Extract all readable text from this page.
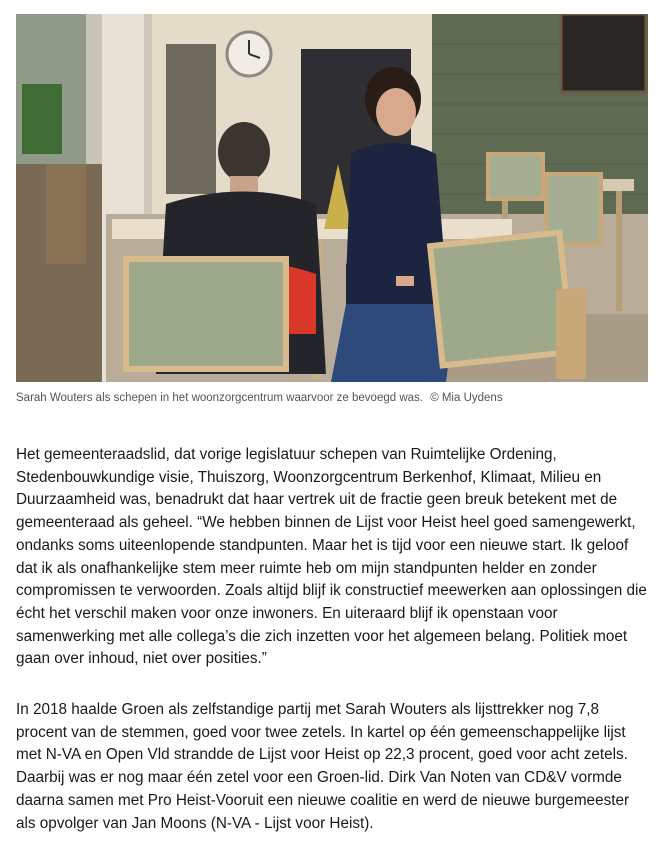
Sarah Wouters als schepen in het woonzorgcentrum waarvoor ze bevoegd was. © Mia Uydens

Het gemeenteraadslid, dat vorige legislatuur schepen van Ruimtelijke Ordening, Stedenbouwkundige visie, Thuiszorg, Woonzorgcentrum Berkenhof, Klimaat, Milieu en Duurzaamheid was, benadrukt dat haar vertrek uit de fractie geen breuk betekent met de gemeenteraad als geheel. “We hebben binnen de Lijst voor Heist heel goed samengewerkt, ondanks soms uiteenlopende standpunten. Maar het is tijd voor een nieuwe start. Ik geloof dat ik als onafhankelijke stem meer ruimte heb om mijn standpunten helder en zonder compromissen te verwoorden. Zoals altijd blijf ik constructief meewerken aan oplossingen die écht het verschil maken voor onze inwoners. En uiteraard blijf ik openstaan voor samenwerking met alle collega’s die zich inzetten voor het algemeen belang. Politiek moet gaan over inhoud, niet over posities.”

In 2018 haalde Groen als zelfstandige partij met Sarah Wouters als lijsttrekker nog 7,8 procent van de stemmen, goed voor twee zetels. In kartel op één gemeenschappelijke lijst met N-VA en Open Vld strandde de Lijst voor Heist op 22,3 procent, goed voor acht zetels. Daarbij was er nog maar één zetel voor een Groen-lid. Dirk Van Noten van CD&V vormde daarna samen met Pro Heist-Vooruit een nieuwe coalitie en werd de nieuwe burgemeester als opvolger van Jan Moons (N-VA - Lijst voor Heist).
